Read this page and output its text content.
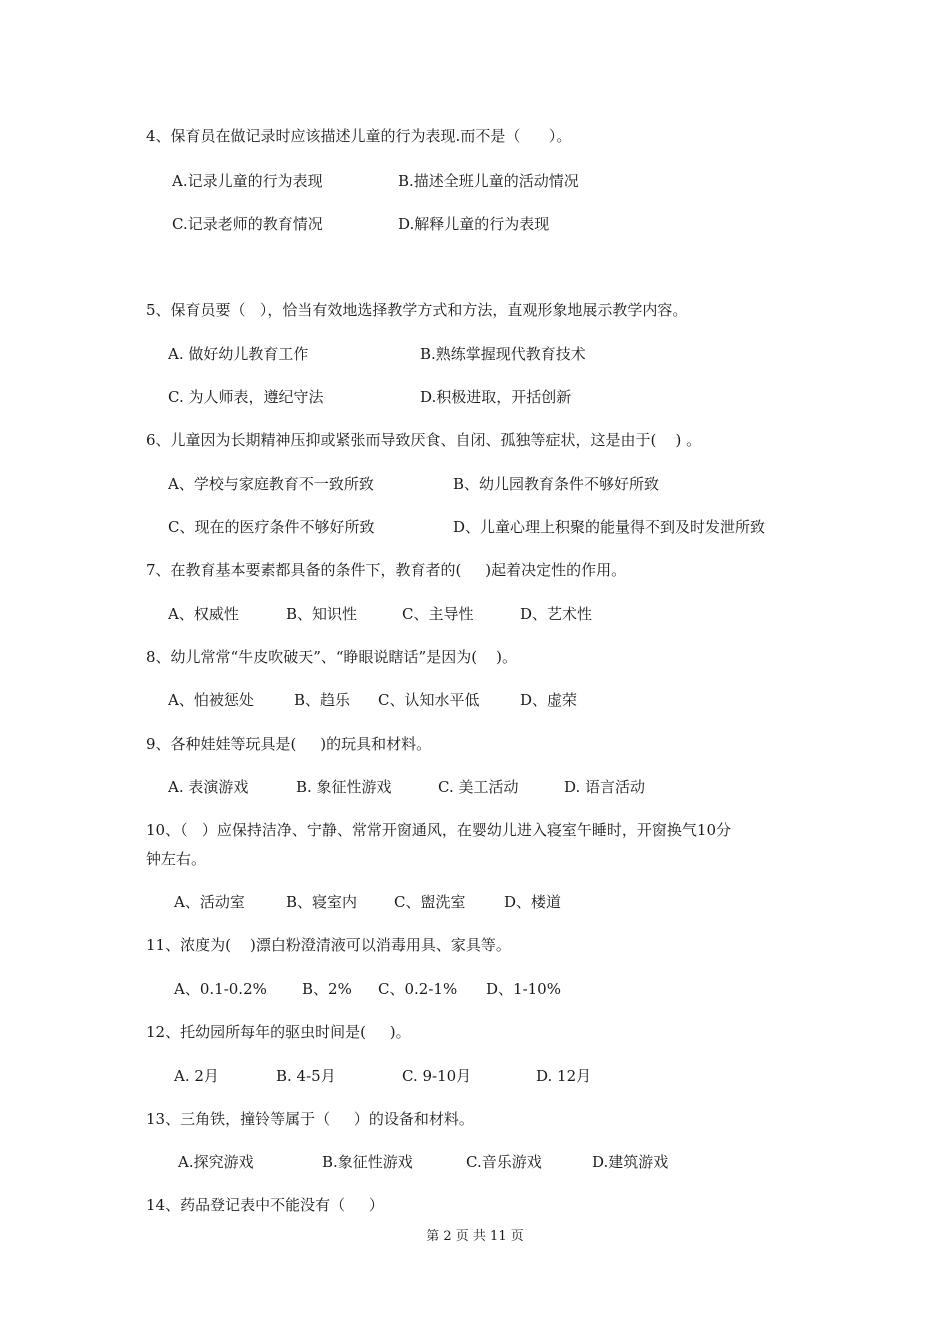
4、保育员在做记录时应该描述儿童的行为表现.而不是（      ）。
A.记录儿童的行为表现	B.描述全班儿童的活动情况
C.记录老师的教育情况	D.解释儿童的行为表现
5、保育员要（   ），恰当有效地选择教学方式和方法，直观形象地展示教学内容。
A. 做好幼儿教育工作	B.熟练掌握现代教育技术
C. 为人师表，遵纪守法	D.积极进取，开括创新
6、儿童因为长期精神压抑或紧张而导致厌食、自闭、孤独等症状，这是由于(    ) 。
A、学校与家庭教育不一致所致	B、幼儿园教育条件不够好所致
C、现在的医疗条件不够好所致	D、儿童心理上积聚的能量得不到及时发泄所致
7、在教育基本要素都具备的条件下，教育者的(     )起着决定性的作用。
A、权威性	B、知识性	C、主导性	D、艺术性
8、幼儿常常“牛皮吹破天”、“睁眼说瞎话”是因为(    )。
A、怕被惩处	B、趋乐 C、认知水平低	D、虚荣
9、各种娃娃等玩具是(     )的玩具和材料。
A. 表演游戏	B. 象征性游戏	C. 美工活动	D. 语言活动
10、（   ）应保持洁净、宁静、常常开窗通风，在婴幼儿进入寝室午睡时，开窗换气10分
钟左右。
A、活动室	B、寝室内 C、盥洗室	D、楼道
11、浓度为(    )漂白粉澄清液可以消毒用具、家具等。
A、0.1-0.2% B、2% C、0.2-1% D、1-10%
12、托幼园所每年的驱虫时间是(     )。
A. 2月	B. 4-5月	C. 9-10月	D. 12月
13、三角铁，撞铃等属于（     ）的设备和材料。
A.探究游戏	B.象征性游戏	C.音乐游戏	D.建筑游戏
14、药品登记表中不能没有（     ）
第 2 页 共 11 页
